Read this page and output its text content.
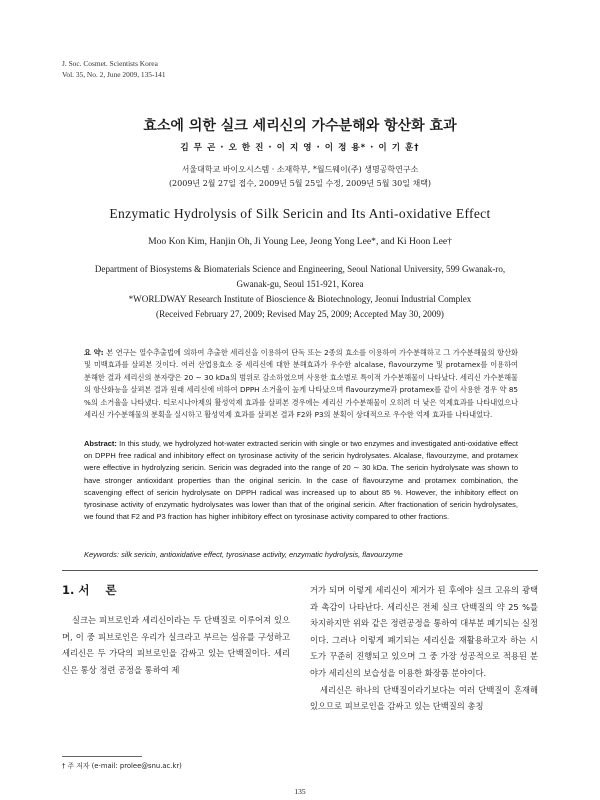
J. Soc. Cosmet. Scientists Korea
Vol. 35, No. 2, June 2009, 135-141
효소에 의한 실크 세리신의 가수분해와 항산화 효과
김 무 곤 · 오 한 진 · 이 지 영 · 이 정 용* · 이 기 훈†
서울대학교 바이오시스템 · 소재학부, *월드웨이(주) 생명공학연구소
(2009년 2월 27일 접수, 2009년 5월 25일 수정, 2009년 5월 30일 채택)
Enzymatic Hydrolysis of Silk Sericin and Its Anti-oxidative Effect
Moo Kon Kim, Hanjin Oh, Ji Young Lee, Jeong Yong Lee*, and Ki Hoon Lee†
Department of Biosystems & Biomaterials Science and Engineering, Seoul National University, 599 Gwanak-ro,
Gwanak-gu, Seoul 151-921, Korea
*WORLDWAY Research Institute of Bioscience & Biotechnology, Jeonui Industrial Complex
(Received February 27, 2009; Revised May 25, 2009; Accepted May 30, 2009)
요 약: 본 연구는 열수추출법에 의하여 추출한 세리신을 이용하여 단독 또는 2종의 효소를 이용하여 가수분해하고 그 가수분해물의 항산화 및 미백효과를 살펴본 것이다. 여러 산업용효소 중 세리신에 대한 분해효과가 우수한 alcalase, flavourzyme 및 protamex를 이용하여 분해한 결과 세리신의 분자량은 20 ∼ 30 kDa의 범위로 감소하였으며 사용한 효소별로 특이적 가수분해물이 나타났다. 세리신 가수분해물의 항산화능을 살펴본 결과 원래 세리신에 비하여 DPPH 소거율이 높게 나타났으며 flavourzyme과 protamex를 같이 사용한 경우 약 85 %의 소거율을 나타냈다. 티로시나아제의 활성억제 효과를 살펴본 경우에는 세리신 가수분해물이 오히려 더 낮은 억제효과를 나타내었으나 세리신 가수분해물의 분획을 실시하고 활성억제 효과를 살펴본 결과 F2와 P3의 분획이 상대적으로 우수한 억제 효과를 나타내었다.
Abstract: In this study, we hydrolyzed hot-water extracted sericin with single or two enzymes and investigated anti-oxidative effect on DPPH free radical and inhibitory effect on tyrosinase activity of the sericin hydrolysates. Alcalase, flavourzyme, and protamex were effective in hydrolyzing sericin. Sericin was degraded into the range of 20 ∼ 30 kDa. The sericin hydrolysate was shown to have stronger antioxidant properties than the original sericin. In the case of flavourzyme and protamex combination, the scavenging effect of sericin hydrolysate on DPPH radical was increased up to about 85 %. However, the inhibitory effect on tyrosinase activity of enzymatic hydrolysates was lower than that of the original sericin. After fractionation of sericin hydrolysates, we found that F2 and P3 fraction has higher inhibitory effect on tyrosinase activity compared to other fractions.
Keywords: silk sericin, antioxidative effect, tyrosinase activity, enzymatic hydrolysis, flavourzyme
1. 서    론
실크는 피브로인과 세리신이라는 두 단백질로 이루어져 있으며, 이 중 피브로인은 우리가 실크라고 부르는 섬유를 구성하고 세리신은 두 가닥의 피브로인을 감싸고 있는 단백질이다. 세리신은 통상 정련 공정을 통하여 제

거가 되며 이렇게 세리신이 제거가 된 후에야 실크 고유의 광택과 촉감이 나타난다. 세리신은 전체 실크 단백질의 약 25 %를 차지하지만 위와 같은 정련공정을 통하여 대부분 폐기되는 실정이다. 그러나 이렇게 폐기되는 세리신을 재활용하고자 하는 시도가 꾸준히 진행되고 있으며 그 중 가장 성공적으로 적용된 분야가 세리신의 보습성을 이용한 화장품 분야이다.

세리신은 하나의 단백질이라기보다는 여러 단백질이 혼재해 있으므로 피브로인을 감싸고 있는 단백질의 총칭

† 주 저자 (e-mail: prolee@snu.ac.kr)
135
